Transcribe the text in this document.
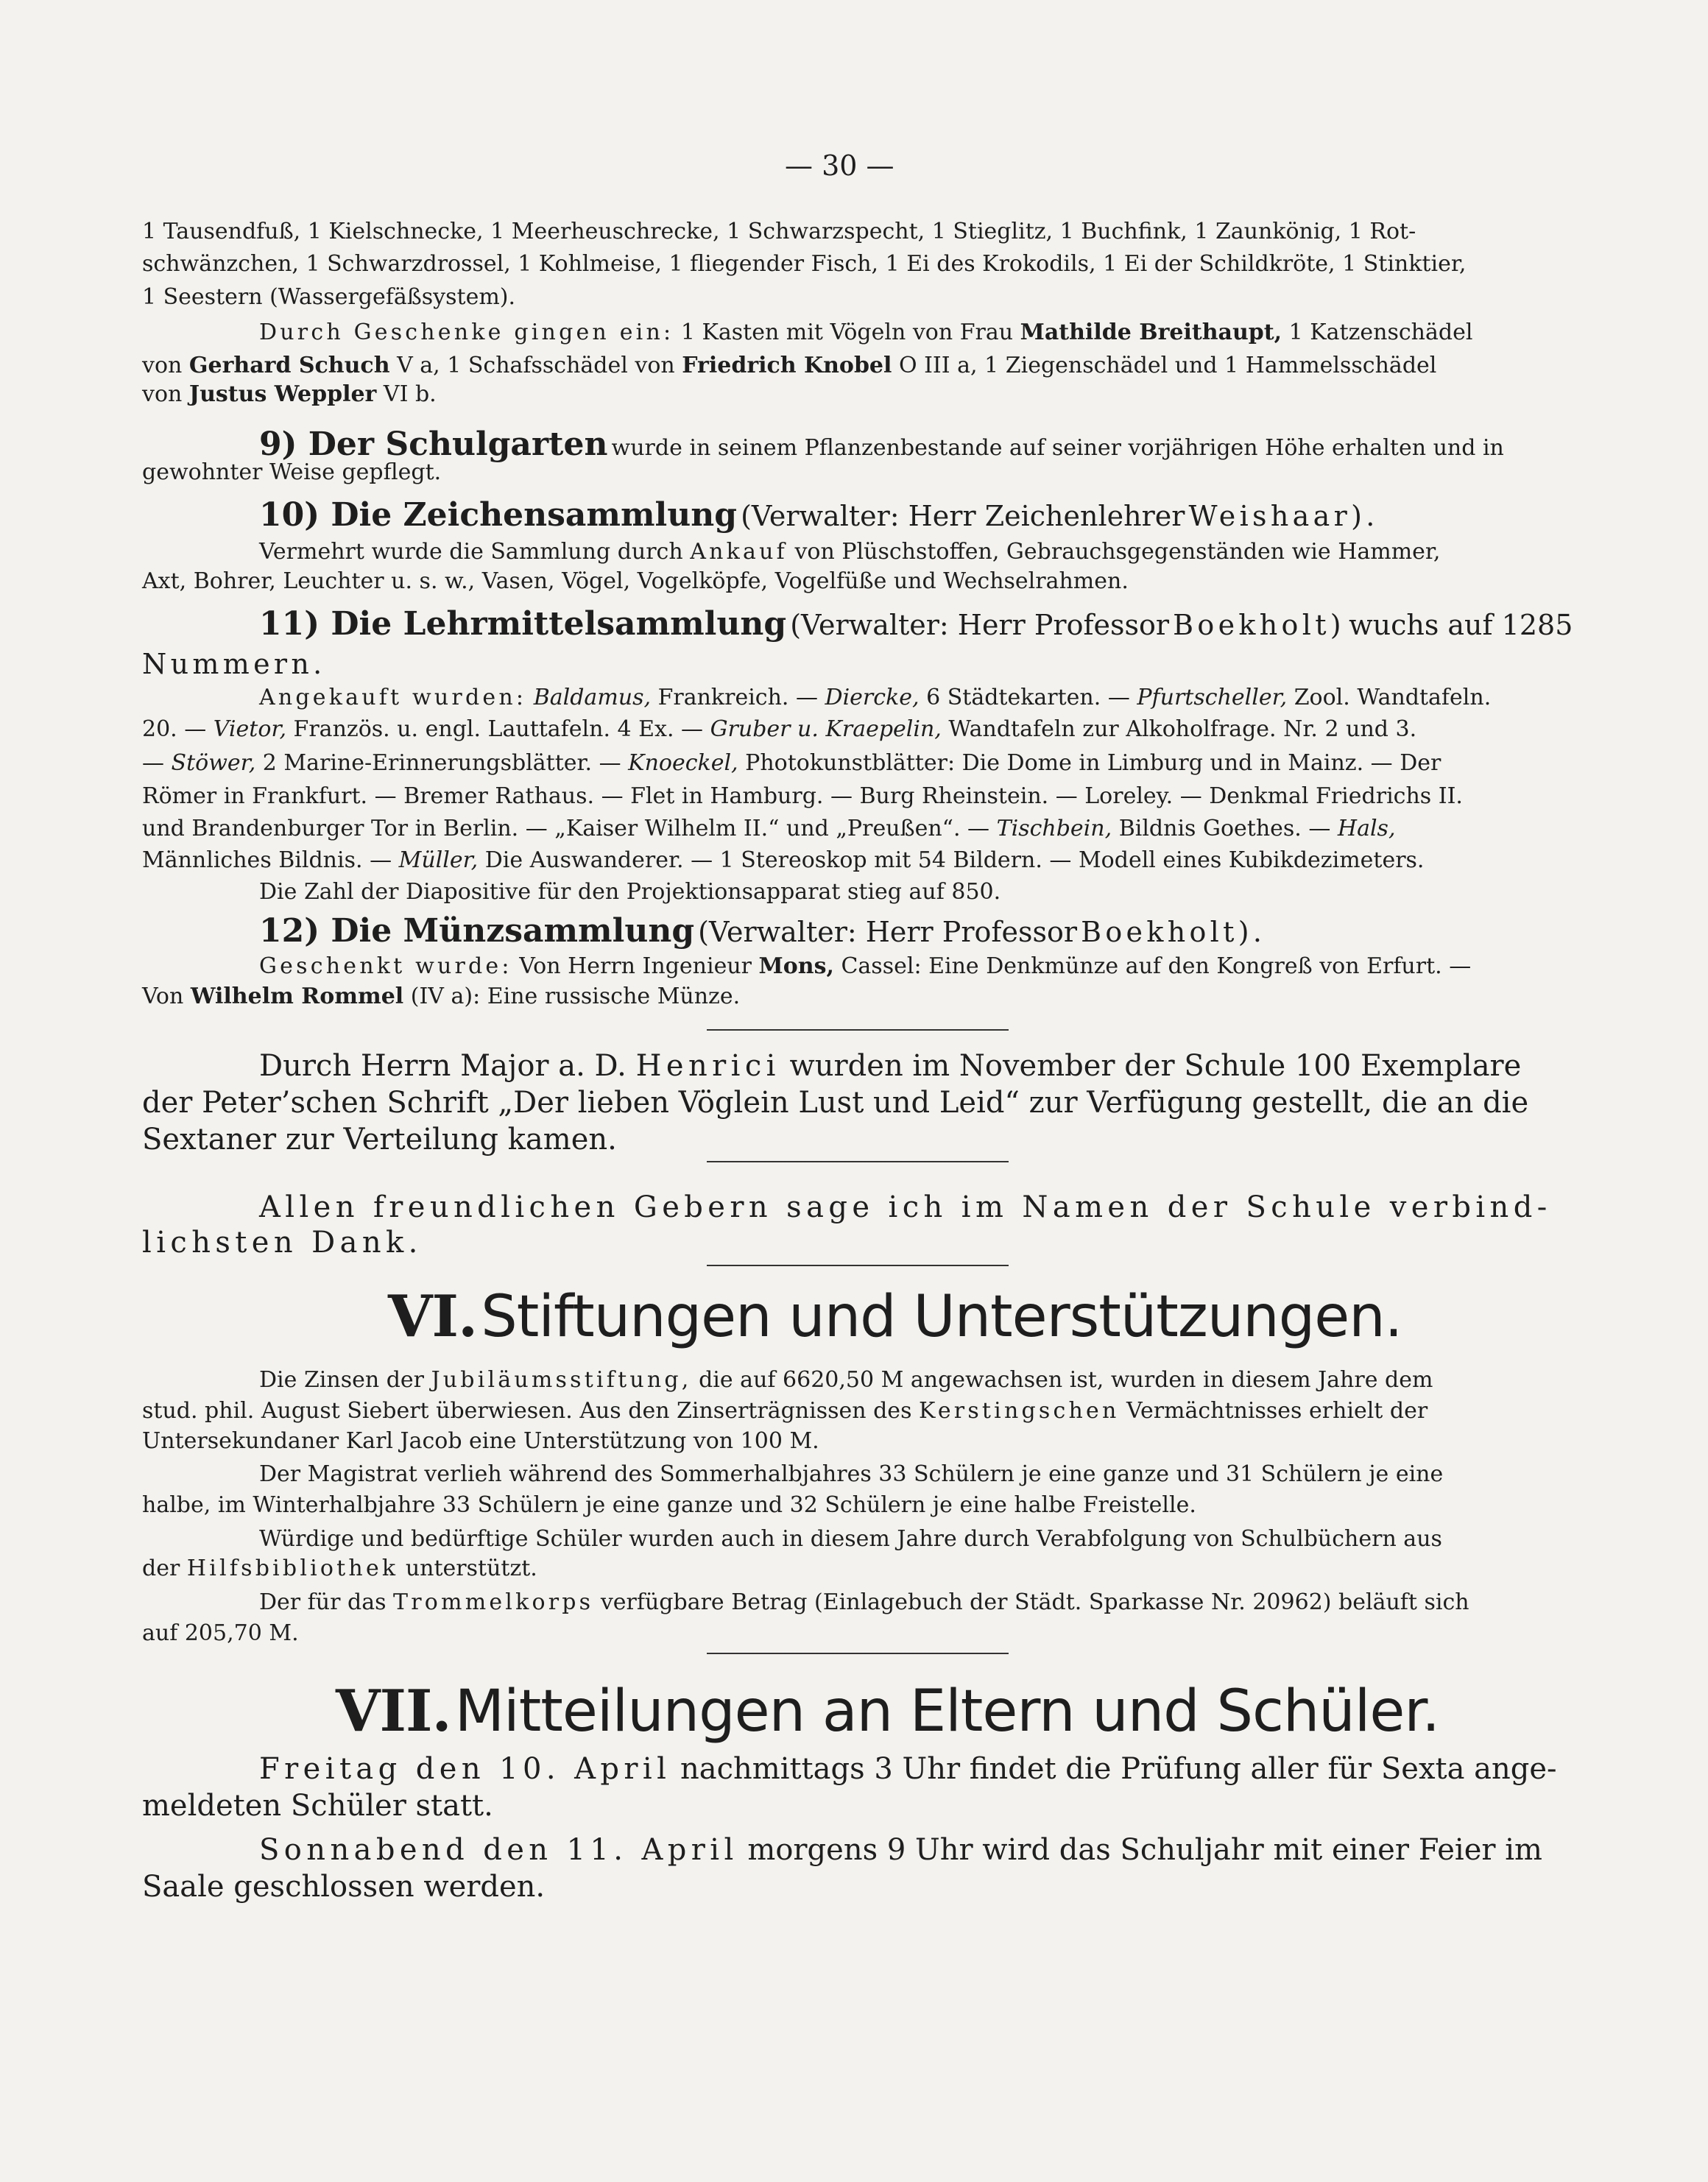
— 30 —
1 Tausendfuß, 1 Kielschnecke, 1 Meerheuschrecke, 1 Schwarzspecht, 1 Stieglitz, 1 Buchfink, 1 Zaunkönig, 1 Rot-
schwänzchen, 1 Schwarzdrossel, 1 Kohlmeise, 1 fliegender Fisch, 1 Ei des Krokodils, 1 Ei der Schildkröte, 1 Stinktier,
1 Seestern (Wassergefäßsystem).
Durch Geschenke gingen ein: 1 Kasten mit Vögeln von Frau Mathilde Breithaupt, 1 Katzenschädel
von Gerhard Schuch V a, 1 Schafsschädel von Friedrich Knobel O III a, 1 Ziegenschädel und 1 Hammelsschädel
von Justus Weppler VI b.
9) Der Schulgarten wurde in seinem Pflanzenbestande auf seiner vorjährigen Höhe erhalten und in
gewohnter Weise gepflegt.
10) Die Zeichensammlung (Verwalter: Herr Zeichenlehrer Weishaar).
Vermehrt wurde die Sammlung durch Ankauf von Plüschstoffen, Gebrauchsgegenständen wie Hammer,
Axt, Bohrer, Leuchter u. s. w., Vasen, Vögel, Vogelköpfe, Vogelfüße und Wechselrahmen.
11) Die Lehrmittelsammlung (Verwalter: Herr Professor Boekholt) wuchs auf 1285
Nummern.
Angekauft wurden: Baldamus, Frankreich. — Diercke, 6 Städtekarten. — Pfurtscheller, Zool. Wandtafeln.
20. — Vietor, Französ. u. engl. Lauttafeln. 4 Ex. — Gruber u. Kraepelin, Wandtafeln zur Alkoholfrage. Nr. 2 und 3.
— Stöwer, 2 Marine-Erinnerungsblätter. — Knoeckel, Photokunstblätter: Die Dome in Limburg und in Mainz. — Der
Römer in Frankfurt. — Bremer Rathaus. — Flet in Hamburg. — Burg Rheinstein. — Loreley. — Denkmal Friedrichs II.
und Brandenburger Tor in Berlin. — „Kaiser Wilhelm II.“ und „Preußen“. — Tischbein, Bildnis Goethes. — Hals,
Männliches Bildnis. — Müller, Die Auswanderer. — 1 Stereoskop mit 54 Bildern. — Modell eines Kubikdezimeters.
Die Zahl der Diapositive für den Projektionsapparat stieg auf 850.
12) Die Münzsammlung (Verwalter: Herr Professor Boekholt).
Geschenkt wurde: Von Herrn Ingenieur Mons, Cassel: Eine Denkmünze auf den Kongreß von Erfurt. —
Von Wilhelm Rommel (IV a): Eine russische Münze.
Durch Herrn Major a. D. Henrici wurden im November der Schule 100 Exemplare
der Peter’schen Schrift „Der lieben Vöglein Lust und Leid“ zur Verfügung gestellt, die an die
Sextaner zur Verteilung kamen.
Allen freundlichen Gebern sage ich im Namen der Schule verbind-
lichsten Dank.
VI. Stiftungen und Unterstützungen.
Die Zinsen der Jubiläumsstiftung, die auf 6620,50 M angewachsen ist, wurden in diesem Jahre dem
stud. phil. August Siebert überwiesen. Aus den Zinserträgnissen des Kerstingschen Vermächtnisses erhielt der
Untersekundaner Karl Jacob eine Unterstützung von 100 M.
Der Magistrat verlieh während des Sommerhalbjahres 33 Schülern je eine ganze und 31 Schülern je eine
halbe, im Winterhalbjahre 33 Schülern je eine ganze und 32 Schülern je eine halbe Freistelle.
Würdige und bedürftige Schüler wurden auch in diesem Jahre durch Verabfolgung von Schulbüchern aus
der Hilfsbibliothek unterstützt.
Der für das Trommelkorps verfügbare Betrag (Einlagebuch der Städt. Sparkasse Nr. 20962) beläuft sich
auf 205,70 M.
VII. Mitteilungen an Eltern und Schüler.
Freitag den 10. April nachmittags 3 Uhr findet die Prüfung aller für Sexta ange-
meldeten Schüler statt.
Sonnabend den 11. April morgens 9 Uhr wird das Schuljahr mit einer Feier im
Saale geschlossen werden.
